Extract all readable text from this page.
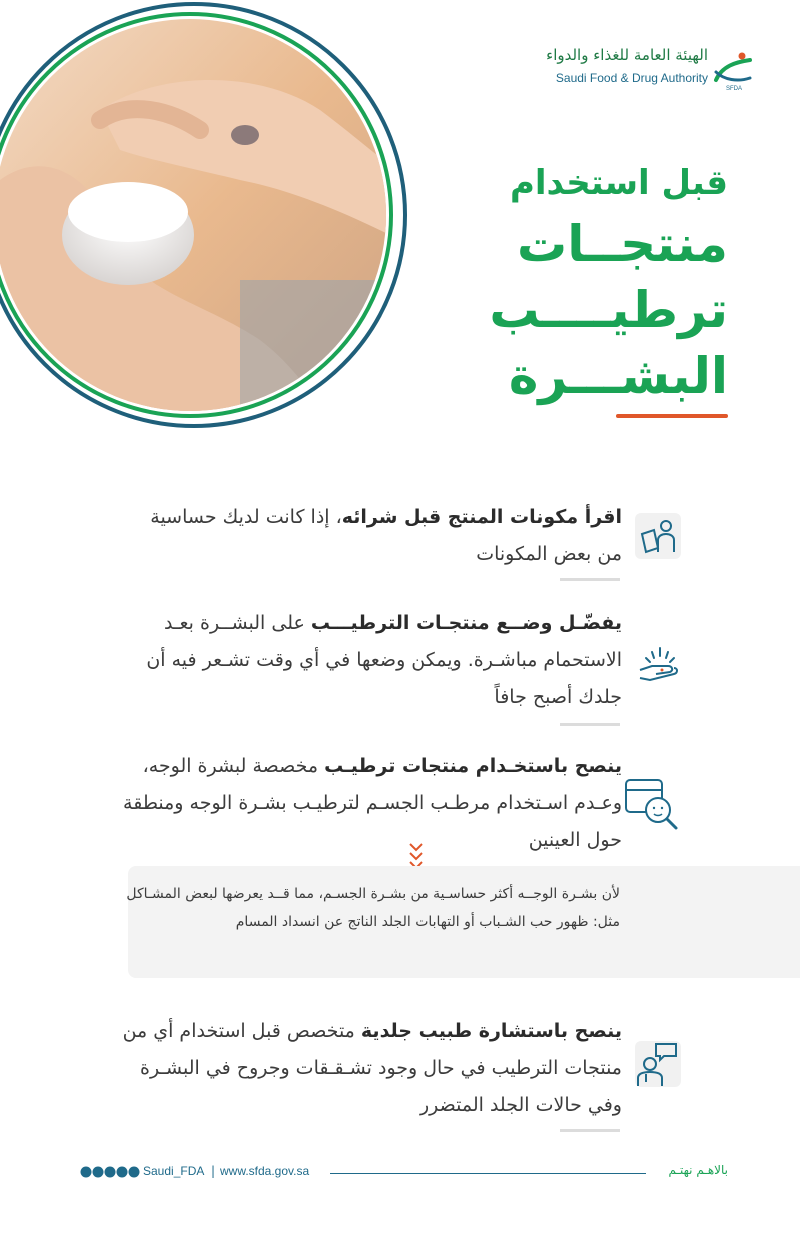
الهيئة العامة للغذاء والدواء
Saudi Food & Drug Authority
SFDA
قبل استخدام
منتجــات
ترطيــــب
البشـــرة
اقرأ مكونات المنتج قبل شرائه، إذا كانت لديك حساسية من بعض المكونات
يفضّـل وضــع منتجـات الترطيـــب على البشــرة بعـد الاستحمام مباشـرة. ويمكن وضعها في أي وقت تشـعر فيه أن جلدك أصبح جافاً
ينصح باستخـدام منتجات ترطيـب مخصصة لبشرة الوجه، وعـدم اسـتخدام مرطـب الجسـم لترطيـب بشـرة الوجه ومنطقة حول العينين
لأن بشـرة الوجــه أكثر حساسـية من بشـرة الجسـم، مما قــد يعرضها لبعض المشـاكل مثل: ظهور حب الشـباب أو التهابات الجلد الناتج عن انسداد المسام
ينصح باستشارة طبيب جلدية متخصص قبل استخدام أي من منتجات الترطيب في حال وجود تشـقـقات وجروح في البشـرة وفي حالات الجلد المتضرر
بالاهـم نهتـم
Saudi_FDA | www.sfda.gov.sa
